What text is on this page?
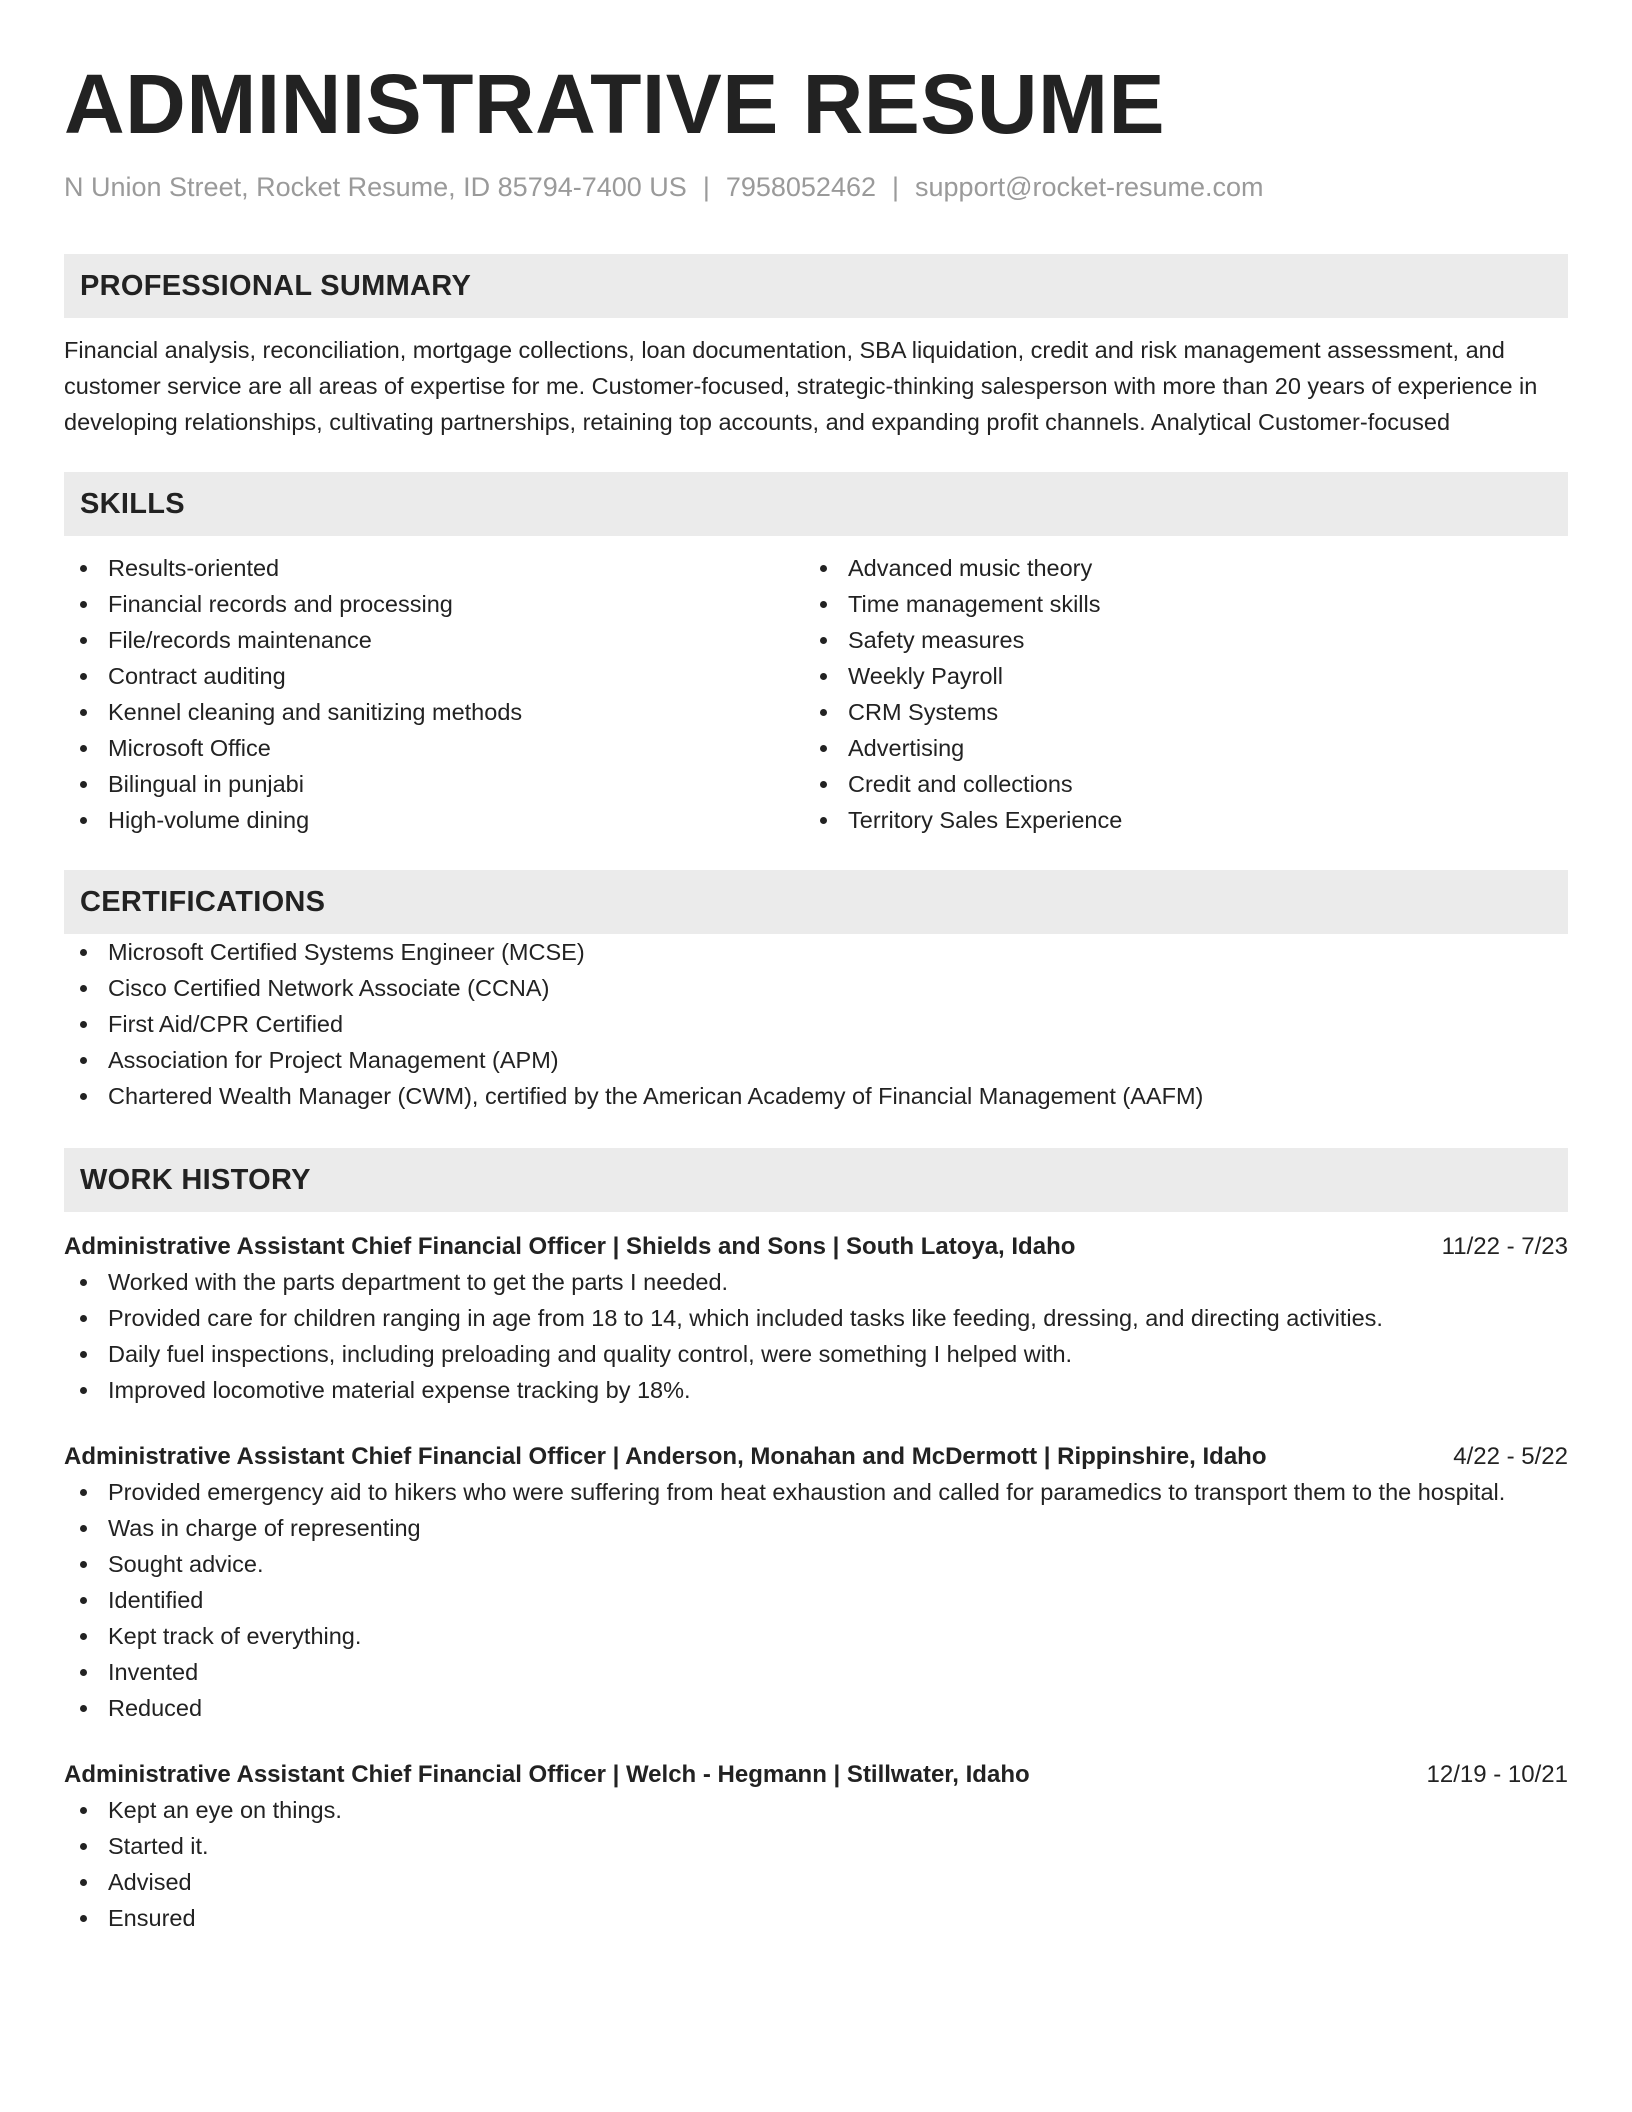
ADMINISTRATIVE RESUME
N Union Street, Rocket Resume, ID 85794-7400 US | 7958052462 | support@rocket-resume.com
PROFESSIONAL SUMMARY
Financial analysis, reconciliation, mortgage collections, loan documentation, SBA liquidation, credit and risk management assessment, and customer service are all areas of expertise for me. Customer-focused, strategic-thinking salesperson with more than 20 years of experience in developing relationships, cultivating partnerships, retaining top accounts, and expanding profit channels. Analytical Customer-focused
SKILLS
Results-oriented
Financial records and processing
File/records maintenance
Contract auditing
Kennel cleaning and sanitizing methods
Microsoft Office
Bilingual in punjabi
High-volume dining
Advanced music theory
Time management skills
Safety measures
Weekly Payroll
CRM Systems
Advertising
Credit and collections
Territory Sales Experience
CERTIFICATIONS
Microsoft Certified Systems Engineer (MCSE)
Cisco Certified Network Associate (CCNA)
First Aid/CPR Certified
Association for Project Management (APM)
Chartered Wealth Manager (CWM), certified by the American Academy of Financial Management (AAFM)
WORK HISTORY
Administrative Assistant Chief Financial Officer | Shields and Sons | South Latoya, Idaho	11/22 - 7/23
Worked with the parts department to get the parts I needed.
Provided care for children ranging in age from 18 to 14, which included tasks like feeding, dressing, and directing activities.
Daily fuel inspections, including preloading and quality control, were something I helped with.
Improved locomotive material expense tracking by 18%.
Administrative Assistant Chief Financial Officer | Anderson, Monahan and McDermott | Rippinshire, Idaho	4/22 - 5/22
Provided emergency aid to hikers who were suffering from heat exhaustion and called for paramedics to transport them to the hospital.
Was in charge of representing
Sought advice.
Identified
Kept track of everything.
Invented
Reduced
Administrative Assistant Chief Financial Officer | Welch - Hegmann | Stillwater, Idaho	12/19 - 10/21
Kept an eye on things.
Started it.
Advised
Ensured
